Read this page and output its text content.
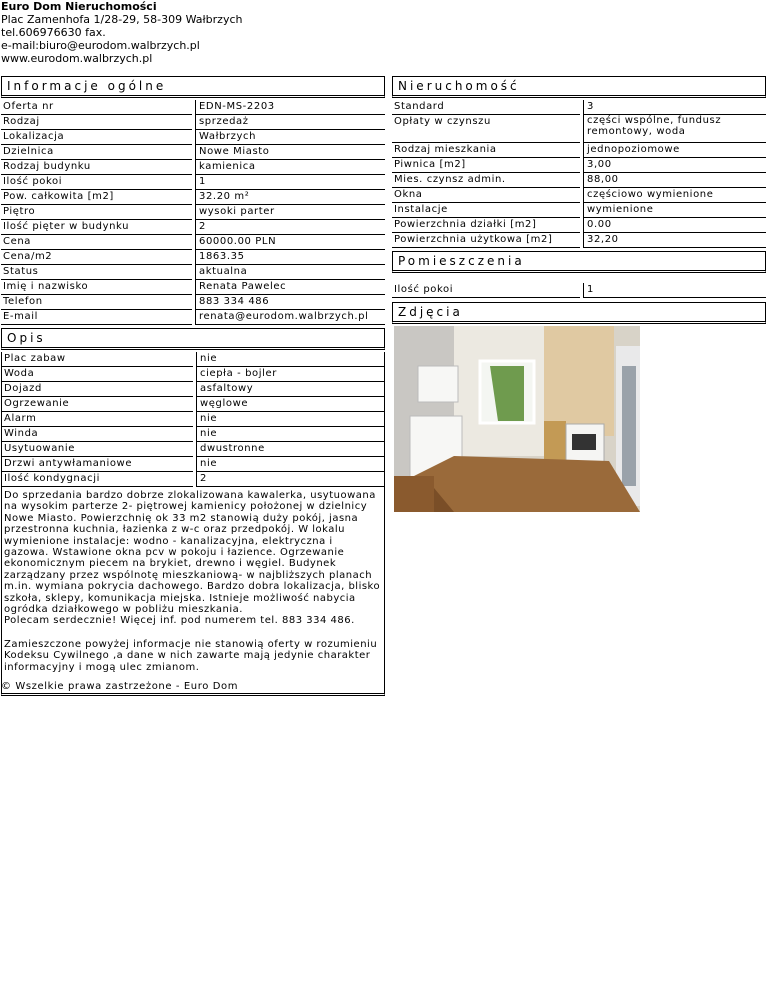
Euro Dom Nieruchomości
Plac Zamenhofa 1/28-29, 58-309 Wałbrzych
tel.606976630 fax.
e-mail:biuro@eurodom.walbrzych.pl
www.eurodom.walbrzych.pl
Informacje ogólne
Oferta nr	EDN-MS-2203
Rodzaj	sprzedaż
Lokalizacja	Wałbrzych
Dzielnica	Nowe Miasto
Rodzaj budynku	kamienica
Ilość pokoi	1
Pow. całkowita [m2]	32.20 m²
Piętro	wysoki parter
Ilość pięter w budynku	2
Cena	60000.00 PLN
Cena/m2	1863.35
Status	aktualna
Imię i nazwisko	Renata Pawelec
Telefon	883 334 486
E-mail	renata@eurodom.walbrzych.pl
Opis
Plac zabaw	nie
Woda	ciepła - bojler
Dojazd	asfaltowy
Ogrzewanie	węglowe
Alarm	nie
Winda	nie
Usytuowanie	dwustronne
Drzwi antywłamaniowe	nie
Ilość kondygnacji	2

Do sprzedania bardzo dobrze zlokalizowana kawalerka, usytuowana na wysokim parterze 2- piętrowej kamienicy położonej w dzielnicy Nowe Miasto. Powierzchnię ok 33 m2 stanowią duży pokój, jasna przestronna kuchnia, łazienka z w-c oraz przedpokój. W lokalu wymienione instalacje: wodno - kanalizacyjna, elektryczna i gazowa. Wstawione okna pcv w pokoju i łazience. Ogrzewanie ekonomicznym piecem na brykiet, drewno i węgiel. Budynek zarządzany przez wspólnotę mieszkaniową- w najbliższych planach m.in. wymiana pokrycia dachowego. Bardzo dobra lokalizacja, blisko szkoła, sklepy, komunikacja miejska. Istnieje możliwość nabycia ogródka działkowego w pobliżu mieszkania.

Polecam serdecznie! Więcej inf. pod numerem tel. 883 334 486.

Zamieszczone powyżej informacje nie stanowią oferty w rozumieniu Kodeksu Cywilnego ,a dane w nich zawarte mają jedynie charakter informacyjny i mogą ulec zmianom.

© Wszelkie prawa zastrzeżone - Euro Dom
Nieruchomość
Standard	3
Opłaty w czynszu	części wspólne, fundusz remontowy, woda
Rodzaj mieszkania	jednopoziomowe
Piwnica [m2]	3,00
Mies. czynsz admin.	88,00
Okna	częściowo wymienione
Instalacje	wymienione
Powierzchnia działki [m2]	0.00
Powierzchnia użytkowa [m2]	32,20
Pomieszczenia
Ilość pokoi	1
Zdjęcia
